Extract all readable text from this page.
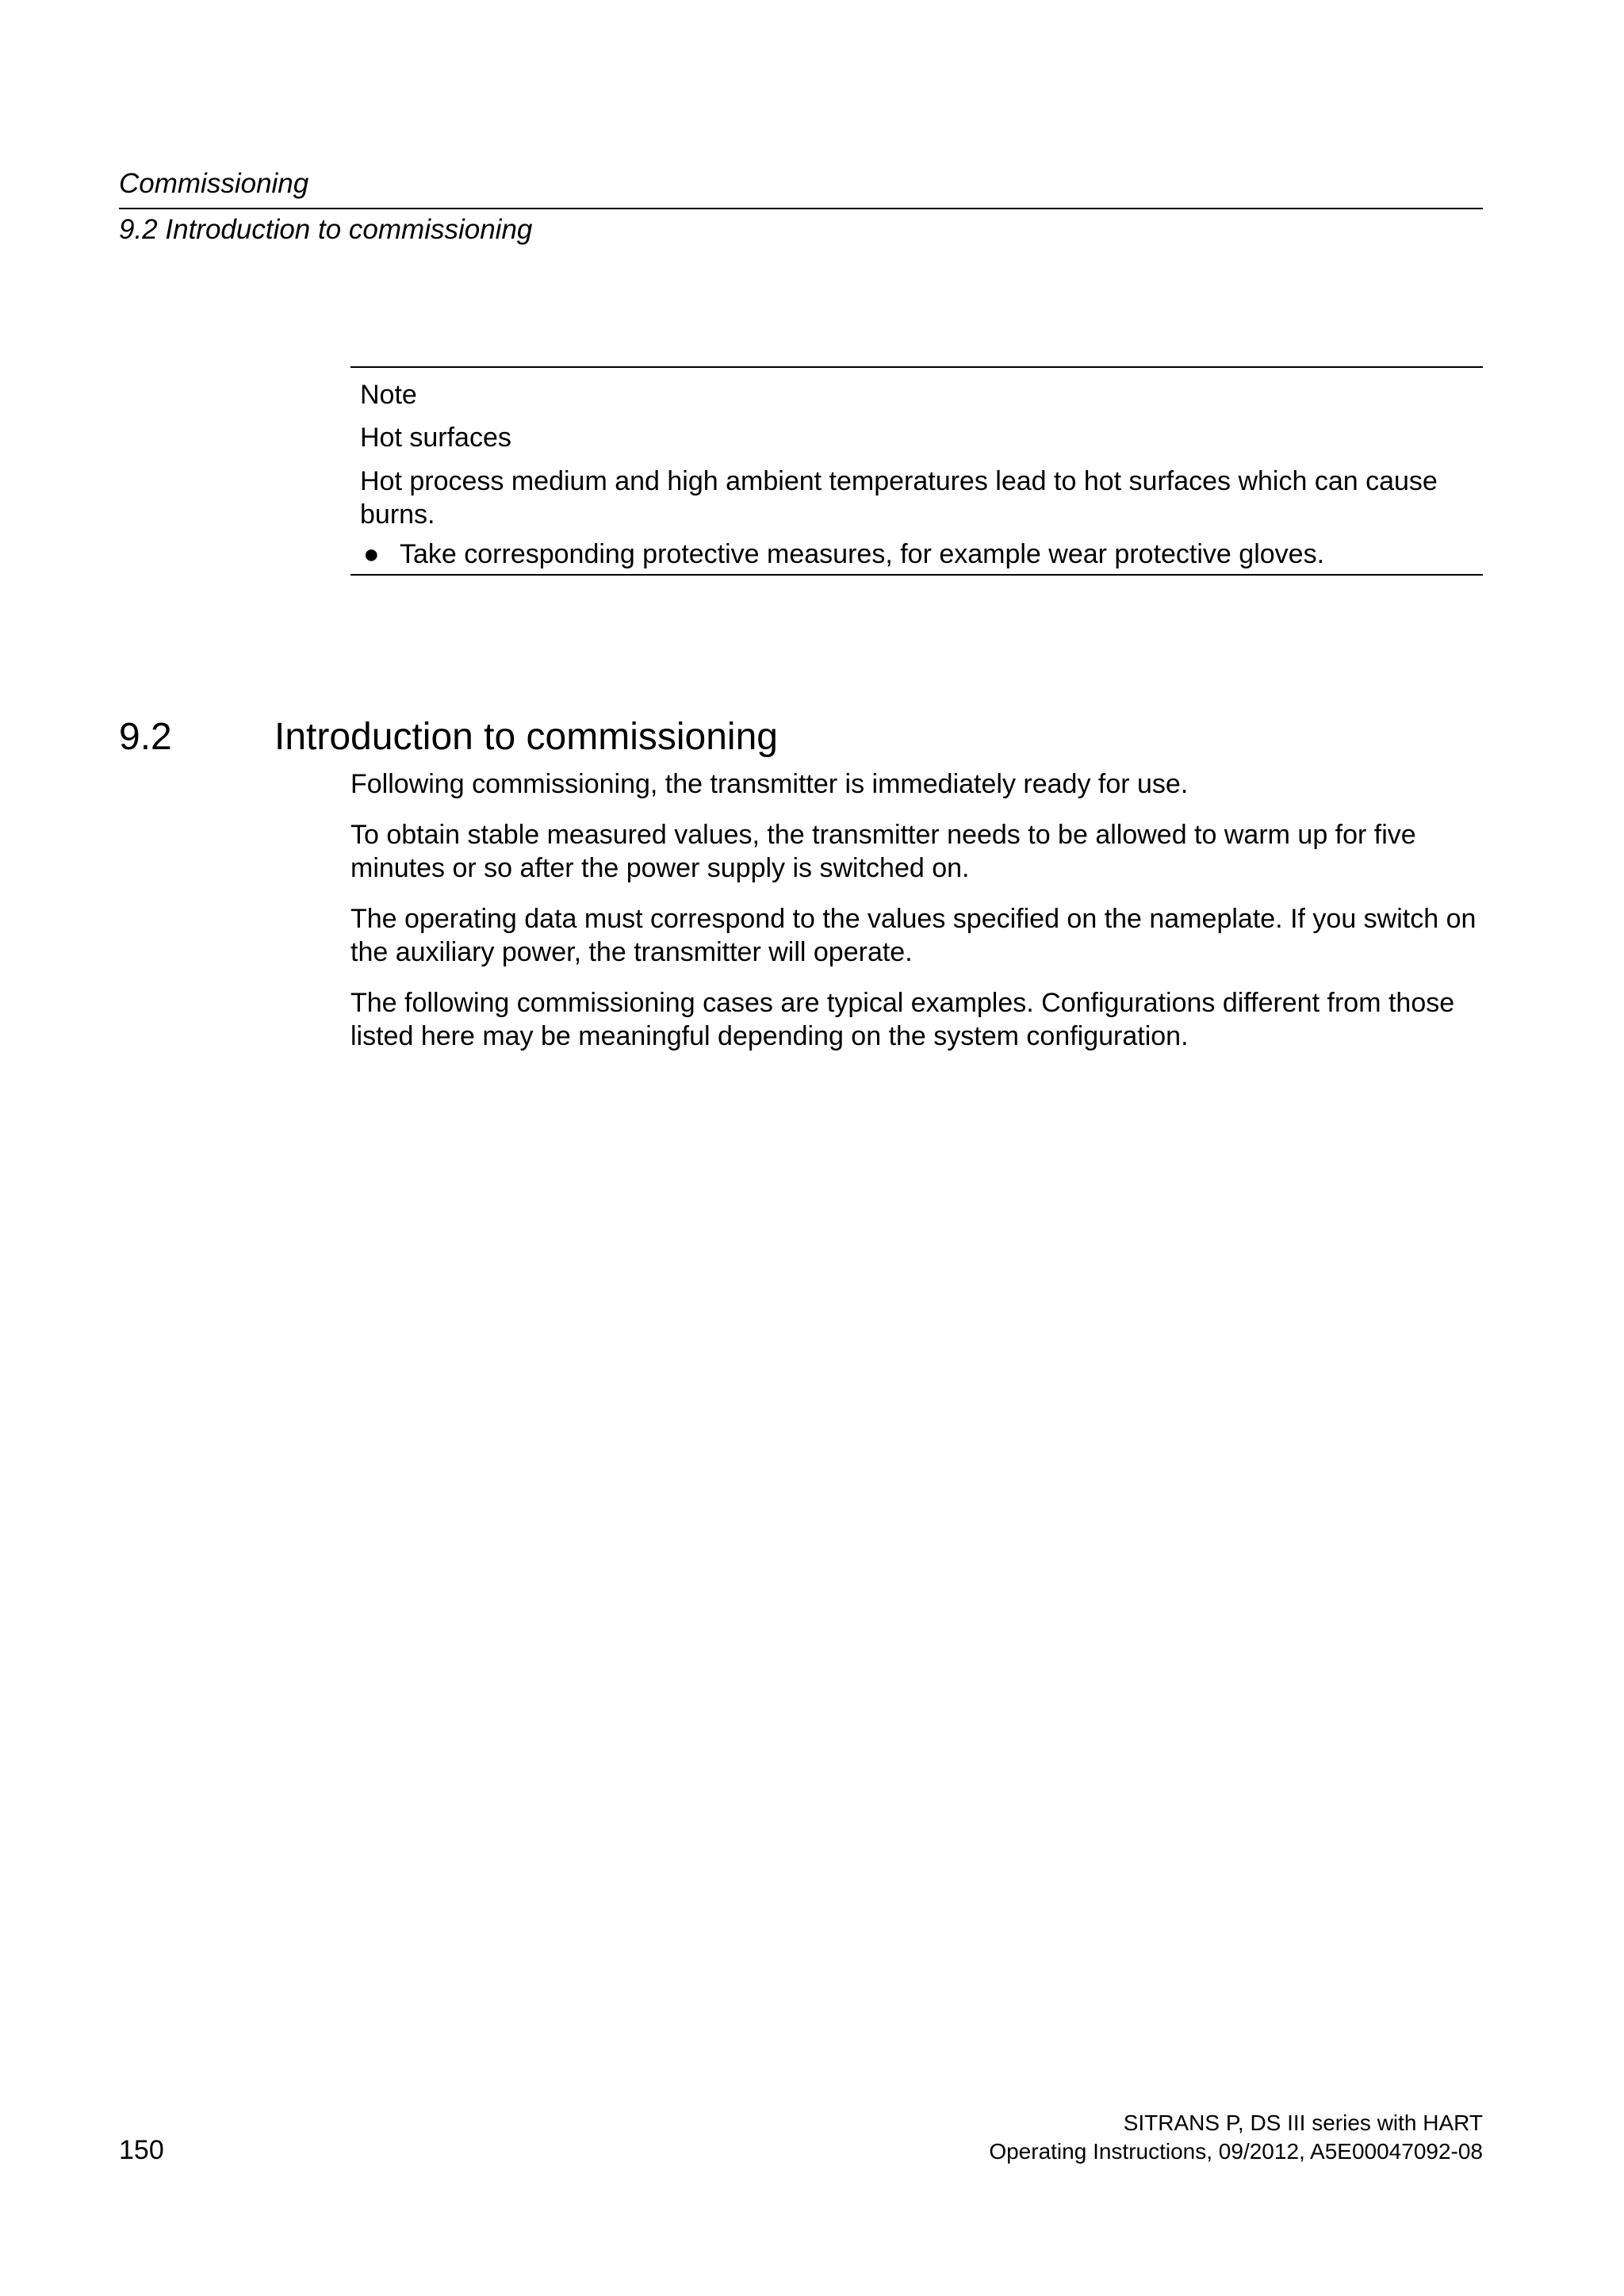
Commissioning
9.2 Introduction to commissioning
Note
Hot surfaces
Hot process medium and high ambient temperatures lead to hot surfaces which can cause burns.
● Take corresponding protective measures, for example wear protective gloves.
9.2	Introduction to commissioning

Following commissioning, the transmitter is immediately ready for use.

To obtain stable measured values, the transmitter needs to be allowed to warm up for five minutes or so after the power supply is switched on.

The operating data must correspond to the values specified on the nameplate. If you switch on the auxiliary power, the transmitter will operate.

The following commissioning cases are typical examples. Configurations different from those listed here may be meaningful depending on the system configuration.

150
SITRANS P, DS III series with HART
Operating Instructions, 09/2012, A5E00047092-08
